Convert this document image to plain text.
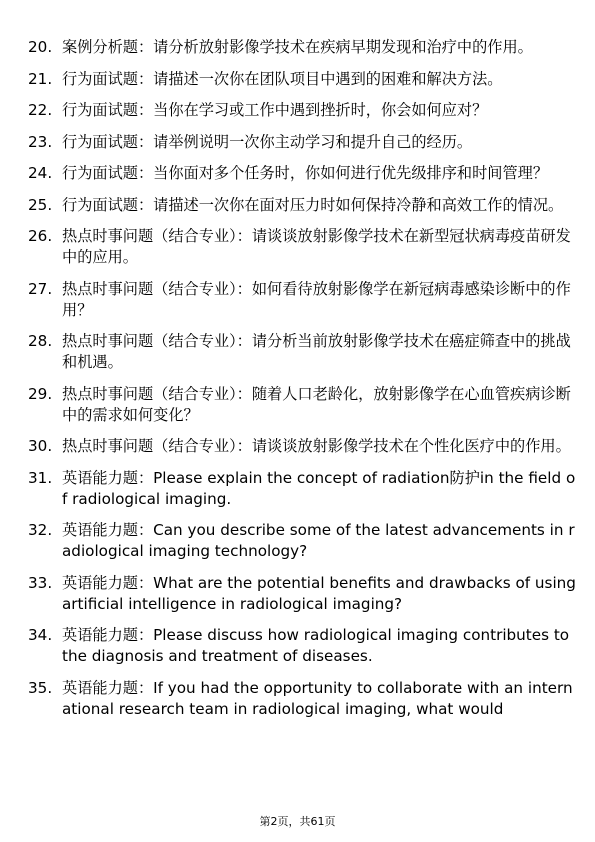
20. 案例分析题：请分析放射影像学技术在疾病早期发现和治疗中的作用。
21. 行为面试题：请描述一次你在团队项目中遇到的困难和解决方法。
22. 行为面试题：当你在学习或工作中遇到挫折时，你会如何应对？
23. 行为面试题：请举例说明一次你主动学习和提升自己的经历。
24. 行为面试题：当你面对多个任务时，你如何进行优先级排序和时间管理？
25. 行为面试题：请描述一次你在面对压力时如何保持冷静和高效工作的情况。
26. 热点时事问题（结合专业）：请谈谈放射影像学技术在新型冠状病毒疫苗研发中的应用。
27. 热点时事问题（结合专业）：如何看待放射影像学在新冠病毒感染诊断中的作用？
28. 热点时事问题（结合专业）：请分析当前放射影像学技术在癌症筛查中的挑战和机遇。
29. 热点时事问题（结合专业）：随着人口老龄化，放射影像学在心血管疾病诊断中的需求如何变化？
30. 热点时事问题（结合专业）：请谈谈放射影像学技术在个性化医疗中的作用。
31. 英语能力题：Please explain the concept of radiation防护in the field of radiological imaging.
32. 英语能力题：Can you describe some of the latest advancements in radiological imaging technology?
33. 英语能力题：What are the potential benefits and drawbacks of using artificial intelligence in radiological imaging?
34. 英语能力题：Please discuss how radiological imaging contributes to the diagnosis and treatment of diseases.
35. 英语能力题：If you had the opportunity to collaborate with an international research team in radiological imaging, what would
第2页，共61页
